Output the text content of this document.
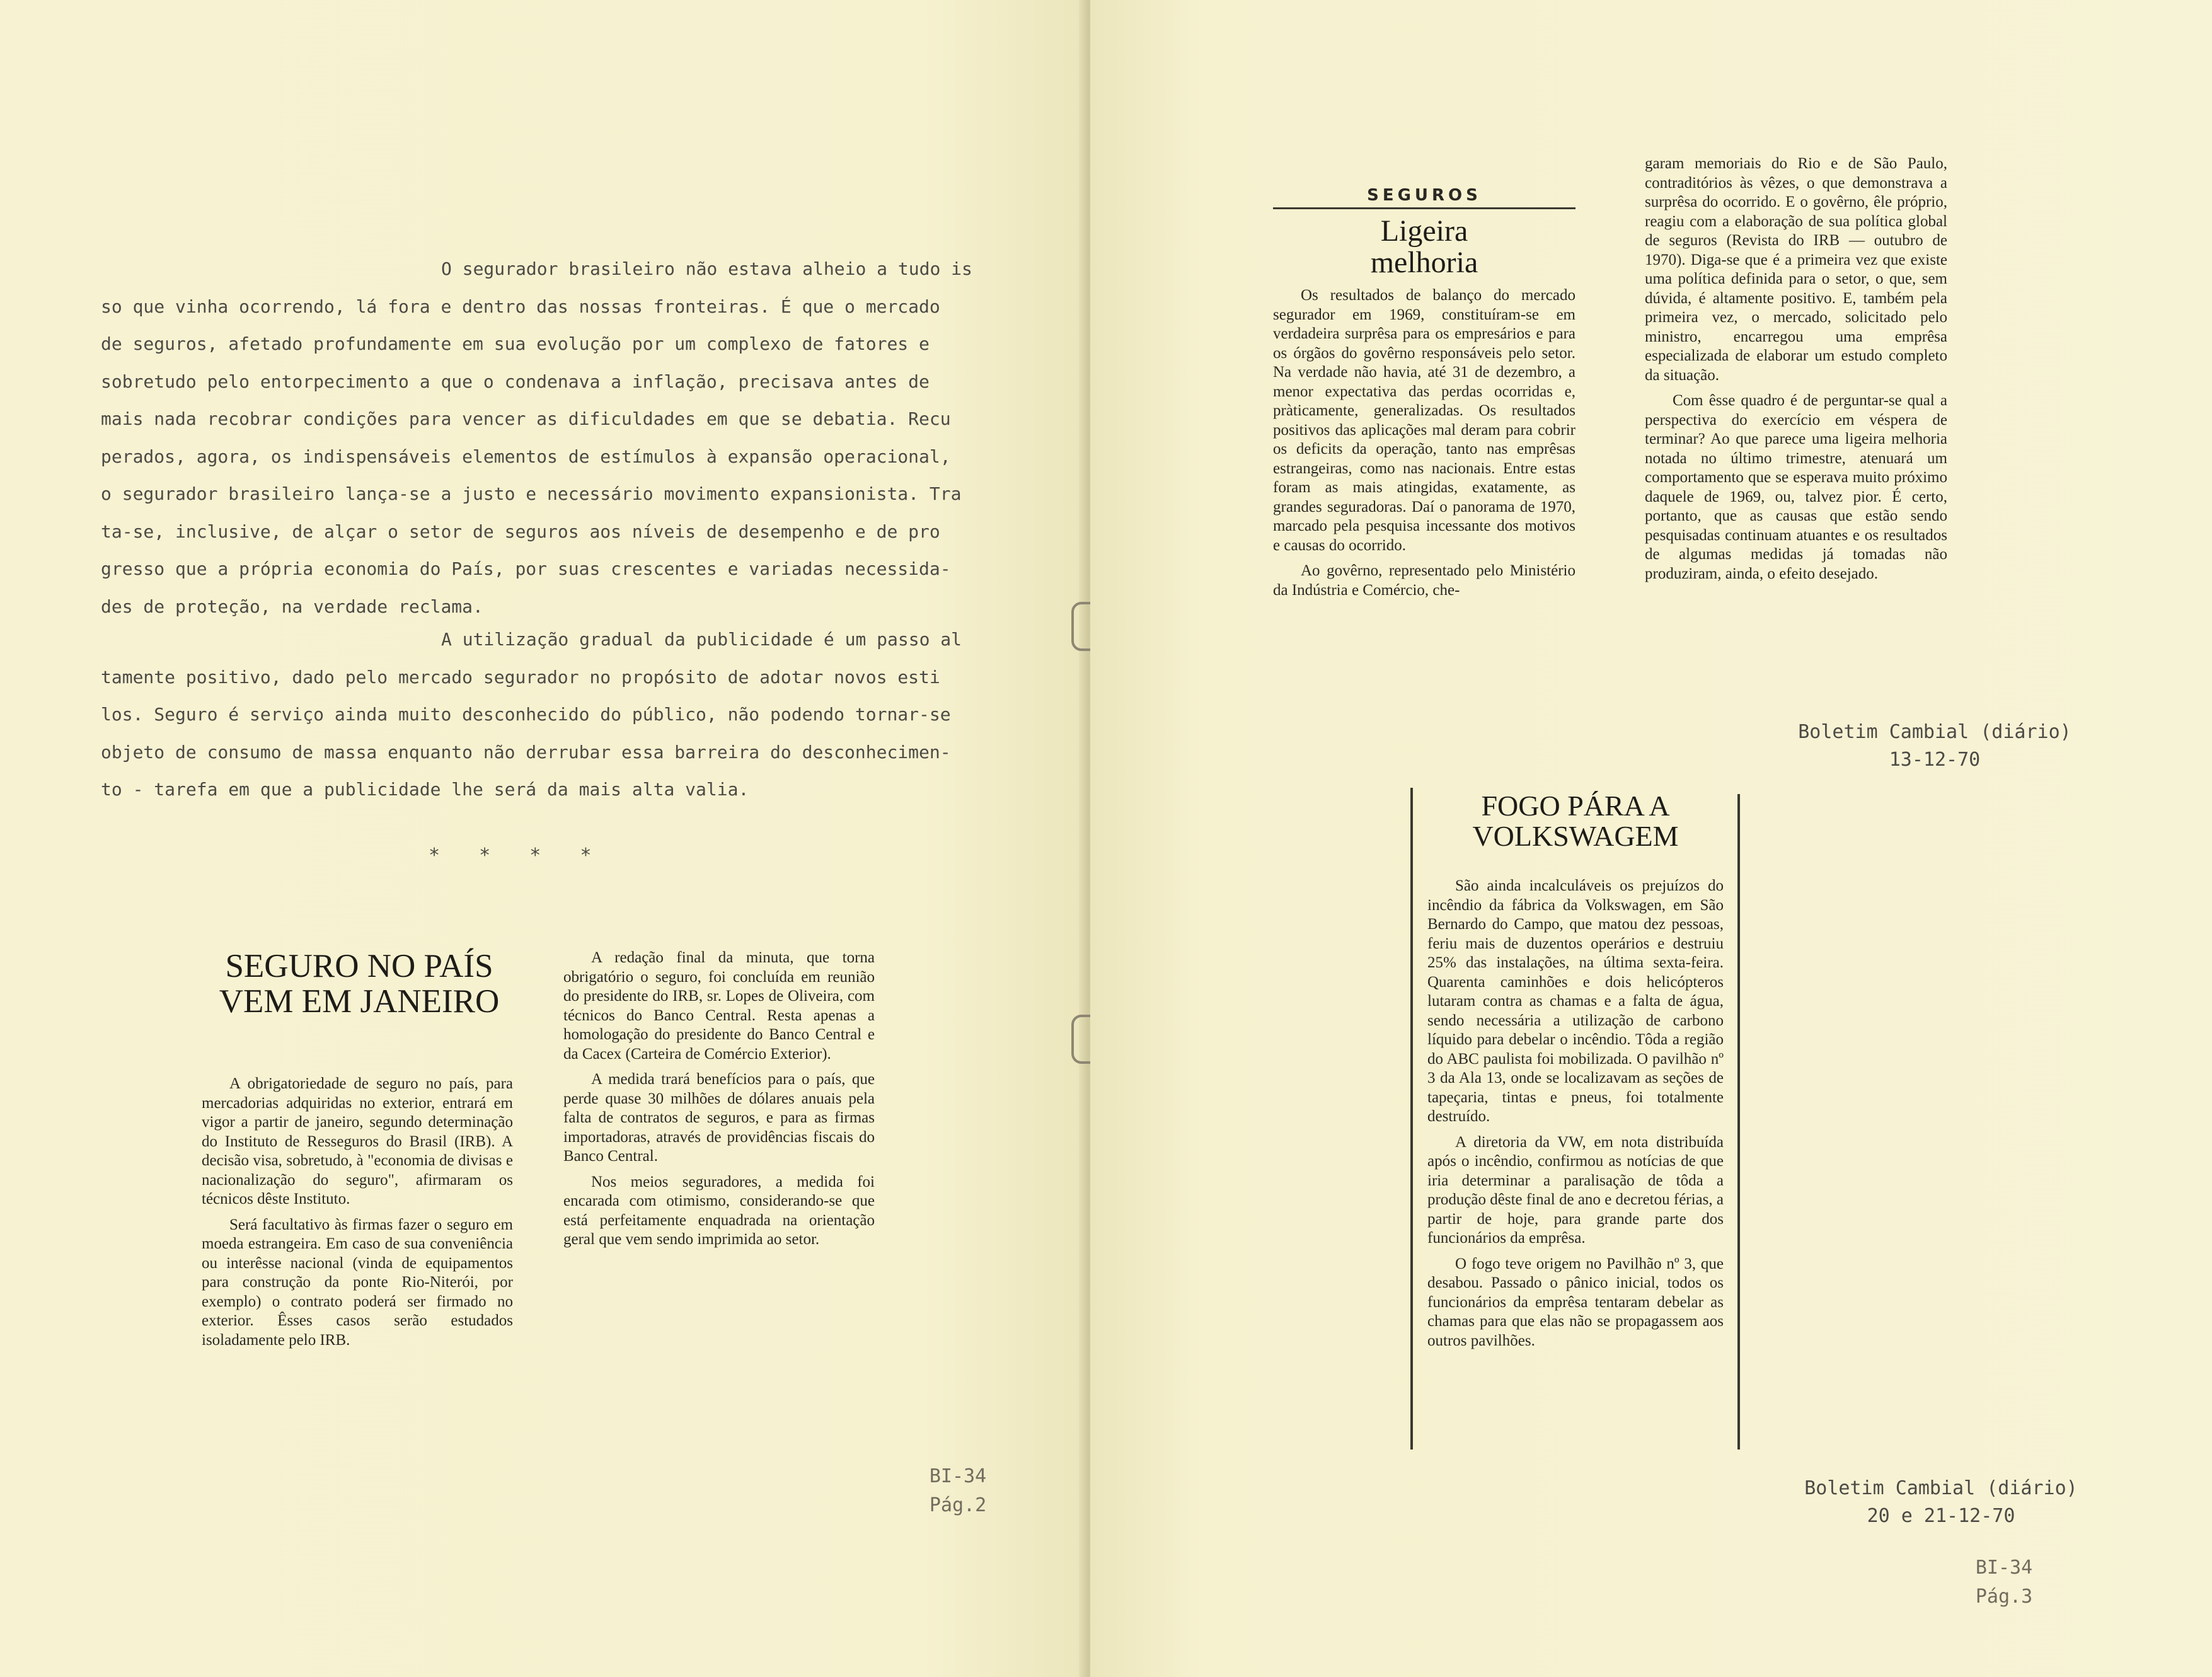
O segurador brasileiro não estava alheio a tudo is
so que vinha ocorrendo, lá fora e dentro das nossas fronteiras. É que o mercado
de seguros, afetado profundamente em sua evolução por um complexo de fatores e
sobretudo pelo entorpecimento a que o condenava a inflação, precisava antes de
mais nada recobrar condições para vencer as dificuldades em que se debatia. Recu
perados, agora, os indispensáveis elementos de estímulos à expansão operacional,
o segurador brasileiro lança-se a justo e necessário movimento expansionista. Tra
ta-se, inclusive, de alçar o setor de seguros aos níveis de desempenho e de pro
gresso que a própria economia do País, por suas crescentes e variadas necessida-
des de proteção, na verdade reclama.
A utilização gradual da publicidade é um passo al
tamente positivo, dado pelo mercado segurador no propósito de adotar novos esti
los. Seguro é serviço ainda muito desconhecido do público, não podendo tornar-se
objeto de consumo de massa enquanto não derrubar essa barreira do desconhecimen-
to - tarefa em que a publicidade lhe será da mais alta valia.
* * * *

SEGURO NO PAÍS

VEM EM JANEIRO

A obrigatoriedade de seguro no país, para mercadorias adquiridas no exterior, entrará em vigor a partir de janeiro, segundo determinação do Instituto de Resseguros do Brasil (IRB). A decisão visa, sobretudo, à "economia de divisas e nacionalização do seguro", afirmaram os técnicos dêste Instituto.

Será facultativo às firmas fazer o seguro em moeda estrangeira. Em caso de sua conveniência ou interêsse nacional (vinda de equipamentos para construção da ponte Rio-Niterói, por exemplo) o contrato poderá ser firmado no exterior. Êsses casos serão estudados isoladamente pelo IRB.

A redação final da minuta, que torna obrigatório o seguro, foi concluída em reunião do presidente do IRB, sr. Lopes de Oliveira, com técnicos do Banco Central. Resta apenas a homologação do presidente do Banco Central e da Cacex (Carteira de Comércio Exterior).

A medida trará benefícios para o país, que perde quase 30 milhões de dólares anuais pela falta de contratos de seguros, e para as firmas importadoras, através de providências fiscais do Banco Central.

Nos meios seguradores, a medida foi encarada com otimismo, considerando-se que está perfeitamente enquadrada na orientação geral que vem sendo imprimida ao setor.

BI-34
Pág.2
SEGUROS

Ligeira

melhoria

Os resultados de balanço do mercado segurador em 1969, constituíram-se em verdadeira surprêsa para os empresários e para os órgãos do govêrno responsáveis pelo setor. Na verdade não havia, até 31 de dezembro, a menor expectativa das perdas ocorridas e, pràticamente, generalizadas. Os resultados positivos das aplicações mal deram para cobrir os deficits da operação, tanto nas emprêsas estrangeiras, como nas nacionais. Entre estas foram as mais atingidas, exatamente, as grandes seguradoras. Daí o panorama de 1970, marcado pela pesquisa incessante dos motivos e causas do ocorrido.

Ao govêrno, representado pelo Ministério da Indústria e Comércio, che-

garam memoriais do Rio e de São Paulo, contraditórios às vêzes, o que demonstrava a surprêsa do ocorrido. E o govêrno, êle próprio, reagiu com a elaboração de sua política global de seguros (Revista do IRB — outubro de 1970). Diga-se que é a primeira vez que existe uma política definida para o setor, o que, sem dúvida, é altamente positivo. E, também pela primeira vez, o mercado, solicitado pelo ministro, encarregou uma emprêsa especializada de elaborar um estudo completo da situação.

Com êsse quadro é de perguntar-se qual a perspectiva do exercício em véspera de terminar? Ao que parece uma ligeira melhoria notada no último trimestre, atenuará um comportamento que se esperava muito próximo daquele de 1969, ou, talvez pior. É certo, portanto, que as causas que estão sendo pesquisadas continuam atuantes e os resultados de algumas medidas já tomadas não produziram, ainda, o efeito desejado.

Boletim Cambial (diário)
13-12-70

FOGO PÁRA A

VOLKSWAGEM

São ainda incalculáveis os prejuízos do incêndio da fábrica da Volkswagen, em São Bernardo do Campo, que matou dez pessoas, feriu mais de duzentos operários e destruiu 25% das instalações, na última sexta-feira. Quarenta caminhões e dois helicópteros lutaram contra as chamas e a falta de água, sendo necessária a utilização de carbono líquido para debelar o incêndio. Tôda a região do ABC paulista foi mobilizada. O pavilhão nº 3 da Ala 13, onde se localizavam as seções de tapeçaria, tintas e pneus, foi totalmente destruído.

A diretoria da VW, em nota distribuída após o incêndio, confirmou as notícias de que iria determinar a paralisação de tôda a produção dêste final de ano e decretou férias, a partir de hoje, para grande parte dos funcionários da emprêsa.

O fogo teve origem no Pavilhão nº 3, que desabou. Passado o pânico inicial, todos os funcionários da emprêsa tentaram debelar as chamas para que elas não se propagassem aos outros pavilhões.

Boletim Cambial (diário)
20 e 21-12-70
BI-34
Pág.3
